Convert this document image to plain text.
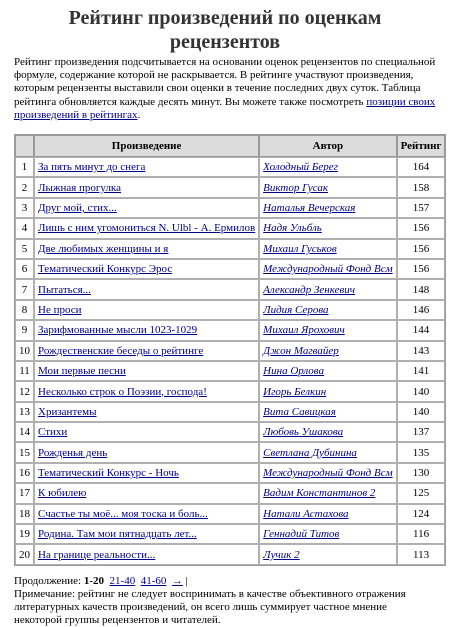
Рейтинг произведений по оценкам рецензентов

Рейтинг произведения подсчитывается на основании оценок рецензентов по специальной формуле, содержание которой не раскрывается. В рейтинге участвуют произведения, которым рецензенты выставили свои оценки в течение последних двух суток. Таблица рейтинга обновляется каждые десять минут. Вы можете также посмотреть позиции своих произведений в рейтингах.

	Произведение	Автор	Рейтинг
1	За пять минут до снега	Холодный Берег	164
2	Лыжная прогулка	Виктор Гусак	158
3	Друг мой, стих...	Наталья Вечерская	157
4	Лишь с ним угомониться N. Ulbl - А. Ермилов	Надя Ульбль	156
5	Две любимых женщины и я	Михаил Гуськов	156
6	Тематический Конкурс Эрос	Международный Фонд Всм	156
7	Пытаться...	Александр Зенкевич	148
8	Не проси	Лидия Серова	146
9	Зарифмованные мысли 1023-1029	Михаил Ярохович	144
10	Рождественские беседы о рейтинге	Джон Магвайер	143
11	Мои первые песни	Нина Орлова	141
12	Несколько строк о Поэзии, господа!	Игорь Белкин	140
13	Хризантемы	Вита Савицкая	140
14	Стихи	Любовь Ушакова	137
15	Рожденья день	Светлана Дубинина	135
16	Тематический Конкурс - Ночь	Международный Фонд Всм	130
17	К юбилею	Вадим Константинов 2	125
18	Счастье ты моё... моя тоска и боль...	Натали Астахова	124
19	Родина. Там мои пятнадцать лет...	Геннадий Титов	116
20	На границе реальности...	Лучик 2	113
Продолжение: 1-20 21-40 41-60 → |

Примечание: рейтинг не следует воспринимать в качестве объективного отражения литературных качеств произведений, он всего лишь суммирует частное мнение некоторой группы рецензентов и читателей.
